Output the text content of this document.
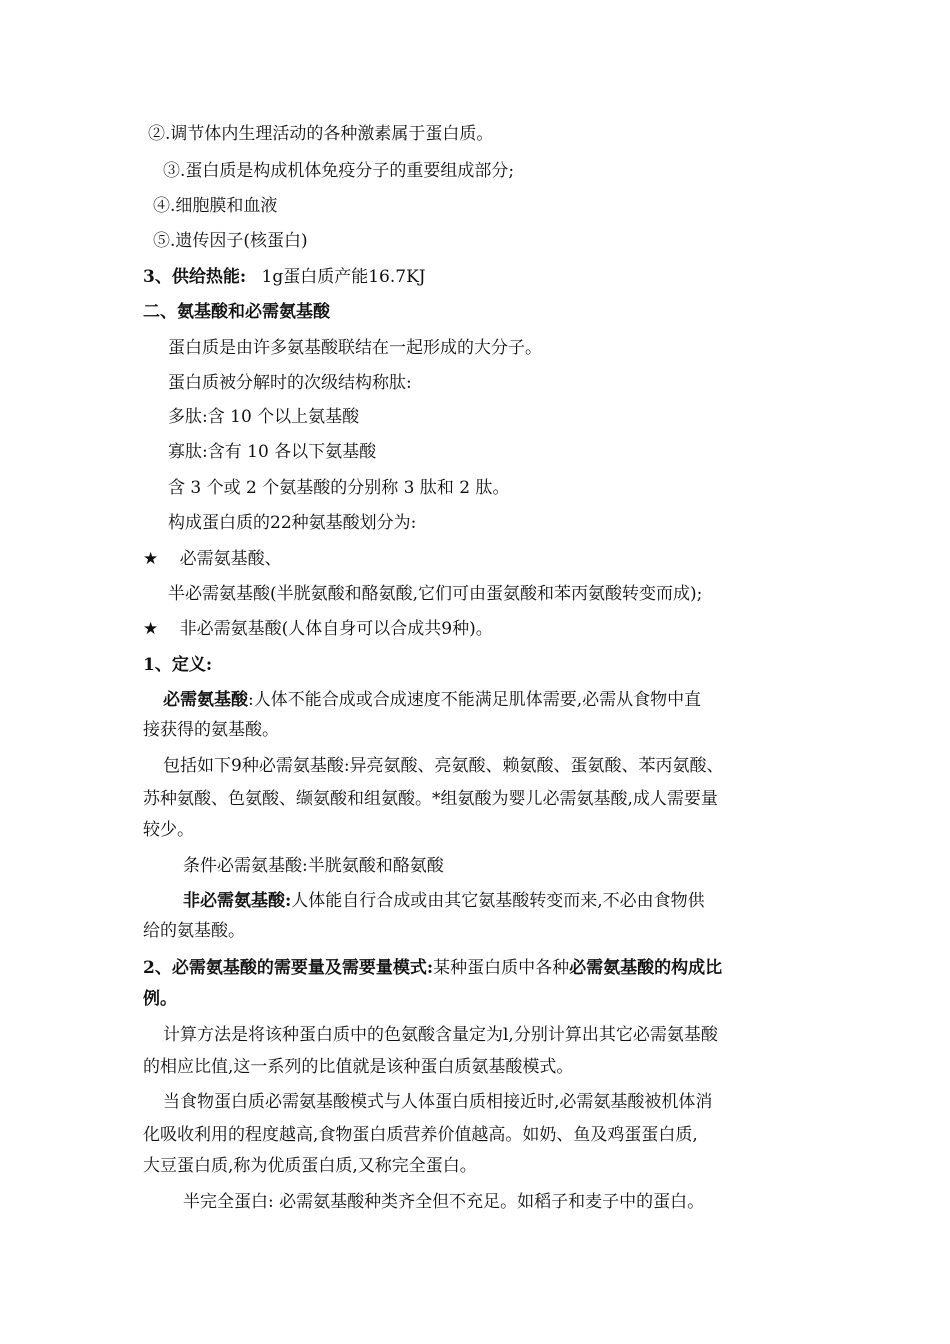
②.调节体内生理活动的各种激素属于蛋白质。
③.蛋白质是构成机体免疫分子的重要组成部分;
④.细胞膜和血液
⑤.遗传因子(核蛋白)
3、供给热能: 1g蛋白质产能16.7KJ
二、氨基酸和必需氨基酸
蛋白质是由许多氨基酸联结在一起形成的大分子。
蛋白质被分解时的次级结构称肽:
多肽:含 10 个以上氨基酸
寡肽:含有 10 各以下氨基酸
含 3 个或 2 个氨基酸的分别称 3 肽和 2 肽。
构成蛋白质的22种氨基酸划分为:
★ 必需氨基酸、
半必需氨基酸(半胱氨酸和酪氨酸,它们可由蛋氨酸和苯丙氨酸转变而成);
★ 非必需氨基酸(人体自身可以合成共9种)。
1、定义:
必需氨基酸:人体不能合成或合成速度不能满足肌体需要,必需从食物中直
接获得的氨基酸。
包括如下9种必需氨基酸:异亮氨酸、亮氨酸、赖氨酸、蛋氨酸、苯丙氨酸、
苏种氨酸、色氨酸、缬氨酸和组氨酸。*组氨酸为婴儿必需氨基酸,成人需要量
较少。
条件必需氨基酸:半胱氨酸和酪氨酸
非必需氨基酸:人体能自行合成或由其它氨基酸转变而来,不必由食物供
给的氨基酸。
2、必需氨基酸的需要量及需要量模式:某种蛋白质中各种必需氨基酸的构成比
例。
计算方法是将该种蛋白质中的色氨酸含量定为l,分别计算出其它必需氨基酸
的相应比值,这一系列的比值就是该种蛋白质氨基酸模式。
当食物蛋白质必需氨基酸模式与人体蛋白质相接近时,必需氨基酸被机体消
化吸收利用的程度越高,食物蛋白质营养价值越高。如奶、鱼及鸡蛋蛋白质,
大豆蛋白质,称为优质蛋白质,又称完全蛋白。
半完全蛋白: 必需氨基酸种类齐全但不充足。如稻子和麦子中的蛋白。
